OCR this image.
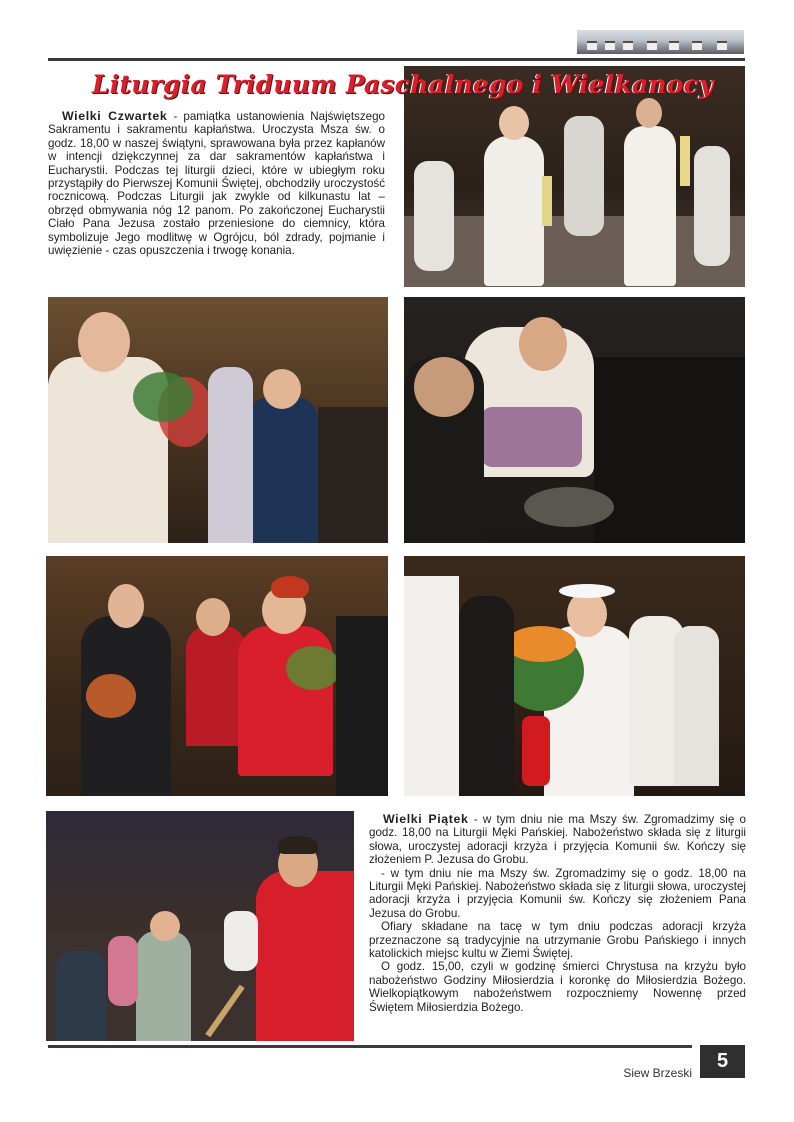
Liturgia Triduum Paschalnego i Wielkanocy

Wielki Czwartek - pamiątka ustanowienia Najświętszego Sakramentu i sakramentu kapłaństwa. Uroczysta Msza św. o godz. 18,00 w naszej świątyni, sprawowana była przez kapłanów w intencji dziękczynnej za dar sakramentów kapłaństwa i Eucharystii. Podczas tej liturgii dzieci, które w ubiegłym roku przystąpiły do Pierwszej Komunii Świętej, obchodziły uroczystość rocznicową. Podczas Liturgii jak zwykle od kilkunastu lat – obrzęd obmywania nóg 12 panom. Po zakończonej Eucharystii Ciało Pana Jezusa zostało przeniesione do ciemnicy, która symbolizuje Jego modlitwę w Ogrójcu, ból zdrady, pojmanie i uwięzienie - czas opuszczenia i trwogę konania.

Wielki Piątek - w tym dniu nie ma Mszy św. Zgromadzimy się o godz. 18,00 na Liturgii Męki Pańskiej. Nabożeństwo składa się z liturgii słowa, uroczystej adoracji krzyża i przyjęcia Komunii św. Kończy się złożeniem P. Jezusa do Grobu.

- w tym dniu nie ma Mszy św. Zgromadzimy się o godz. 18,00 na Liturgii Męki Pańskiej. Nabożeństwo składa się z liturgii słowa, uroczystej adoracji krzyża i przyjęcia Komunii św. Kończy się złożeniem Pana Jezusa do Grobu.

Ofiary składane na tacę w tym dniu podczas adoracji krzyża przeznaczone są tradycyjnie na utrzymanie Grobu Pańskiego i innych katolickich miejsc kultu w Ziemi Świętej.

O godz. 15,00, czyli w godzinę śmierci Chrystusa na krzyżu było nabożeństwo Godziny Miłosierdzia i koronkę do Miłosierdzia Bożego. Wielkopiątkowym nabożeństwem rozpoczniemy Nowennę przed Świętem Miłosierdzia Bożego.

Siew Brzeski
5
